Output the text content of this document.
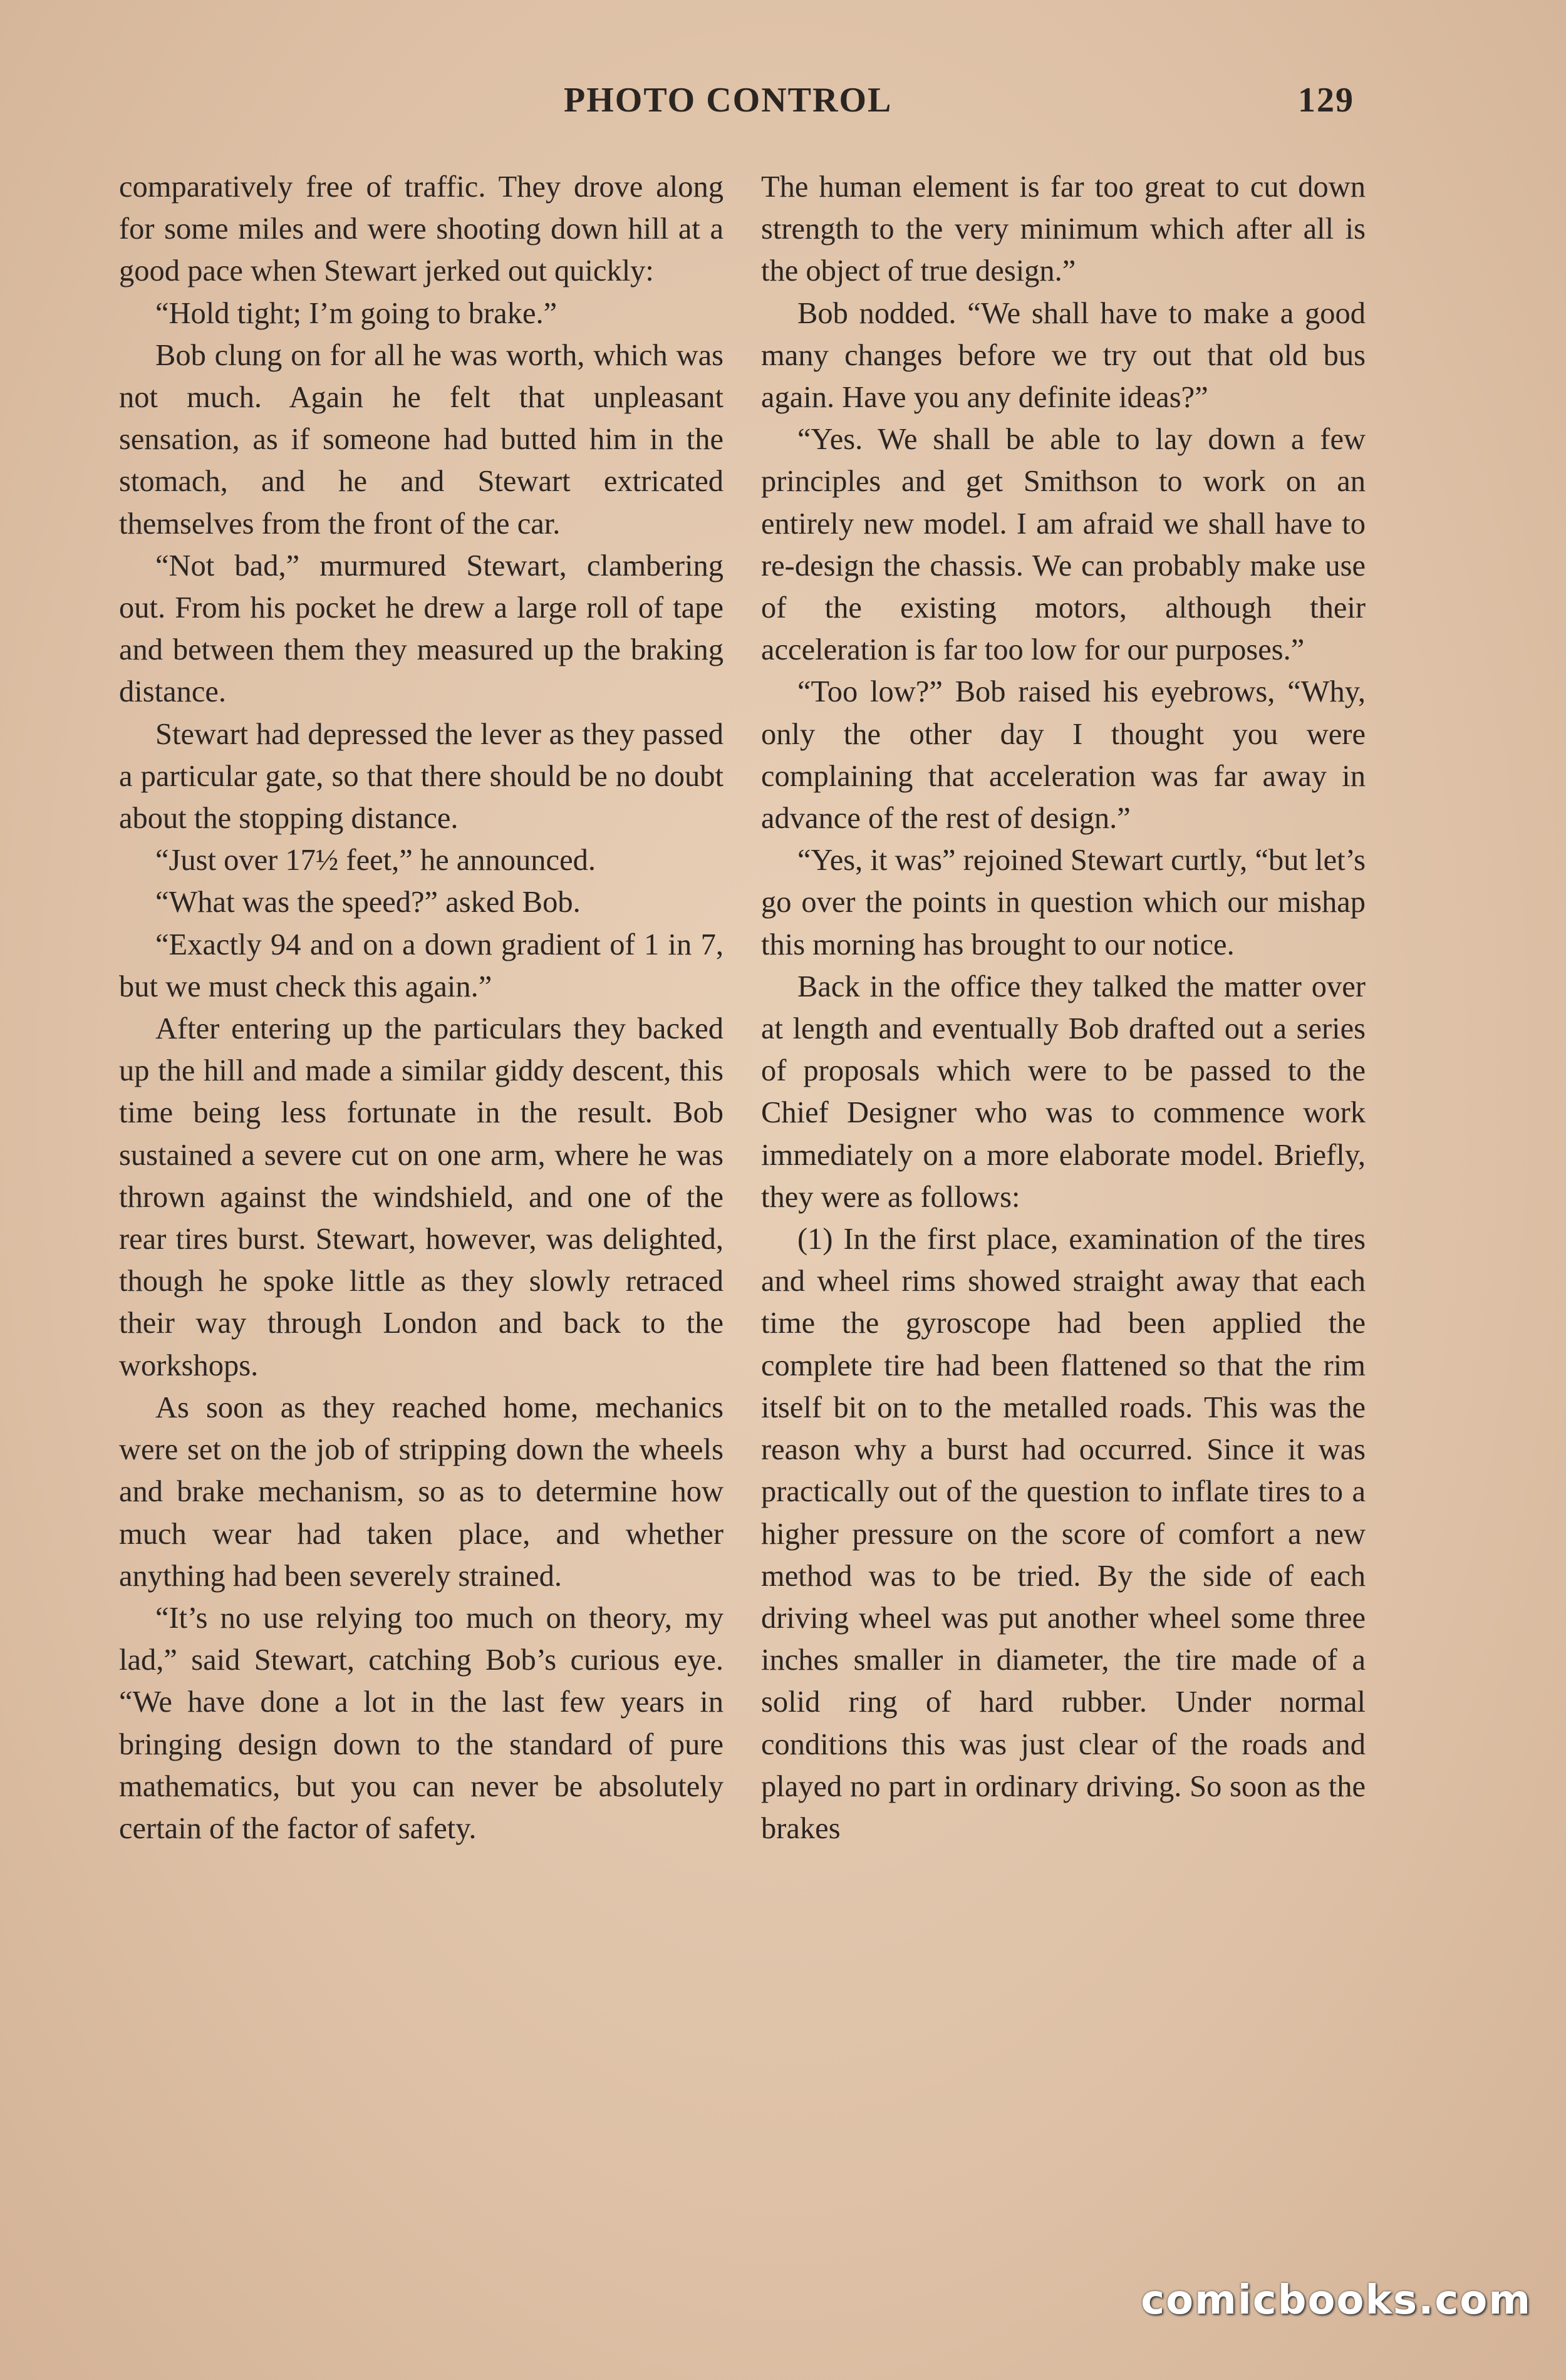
PHOTO CONTROL	129

comparatively free of traffic. They drove along for some miles and were shooting down hill at a good pace when Stewart jerked out quickly:

“Hold tight; I’m going to brake.”

Bob clung on for all he was worth, which was not much. Again he felt that unpleasant sensation, as if someone had butted him in the stomach, and he and Stewart extricated themselves from the front of the car.

“Not bad,” murmured Stewart, clambering out. From his pocket he drew a large roll of tape and between them they measured up the braking distance.

Stewart had depressed the lever as they passed a particular gate, so that there should be no doubt about the stopping distance.

“Just over 17½ feet,” he announced.

“What was the speed?” asked Bob.

“Exactly 94 and on a down gradient of 1 in 7, but we must check this again.”

After entering up the particulars they backed up the hill and made a similar giddy descent, this time being less fortunate in the result. Bob sustained a severe cut on one arm, where he was thrown against the windshield, and one of the rear tires burst. Stewart, however, was delighted, though he spoke little as they slowly retraced their way through London and back to the workshops.

As soon as they reached home, mechanics were set on the job of stripping down the wheels and brake mechanism, so as to determine how much wear had taken place, and whether anything had been severely strained.

“It’s no use relying too much on theory, my lad,” said Stewart, catching Bob’s curious eye. “We have done a lot in the last few years in bringing design down to the standard of pure mathematics, but you can never be absolutely certain of the factor of safety.

The human element is far too great to cut down strength to the very minimum which after all is the object of true design.”

Bob nodded. “We shall have to make a good many changes before we try out that old bus again. Have you any definite ideas?”

“Yes. We shall be able to lay down a few principles and get Smithson to work on an entirely new model. I am afraid we shall have to re-design the chassis. We can probably make use of the existing motors, although their acceleration is far too low for our purposes.”

“Too low?” Bob raised his eyebrows, “Why, only the other day I thought you were complaining that acceleration was far away in advance of the rest of design.”

“Yes, it was” rejoined Stewart curtly, “but let’s go over the points in question which our mishap this morning has brought to our notice.

Back in the office they talked the matter over at length and eventually Bob drafted out a series of proposals which were to be passed to the Chief Designer who was to commence work immediately on a more elaborate model. Briefly, they were as follows:

(1) In the first place, examination of the tires and wheel rims showed straight away that each time the gyroscope had been applied the complete tire had been flattened so that the rim itself bit on to the metalled roads. This was the reason why a burst had occurred. Since it was practically out of the question to inflate tires to a higher pressure on the score of comfort a new method was to be tried. By the side of each driving wheel was put another wheel some three inches smaller in diameter, the tire made of a solid ring of hard rubber. Under normal conditions this was just clear of the roads and played no part in ordinary driving. So soon as the brakes

comicbooks.com
